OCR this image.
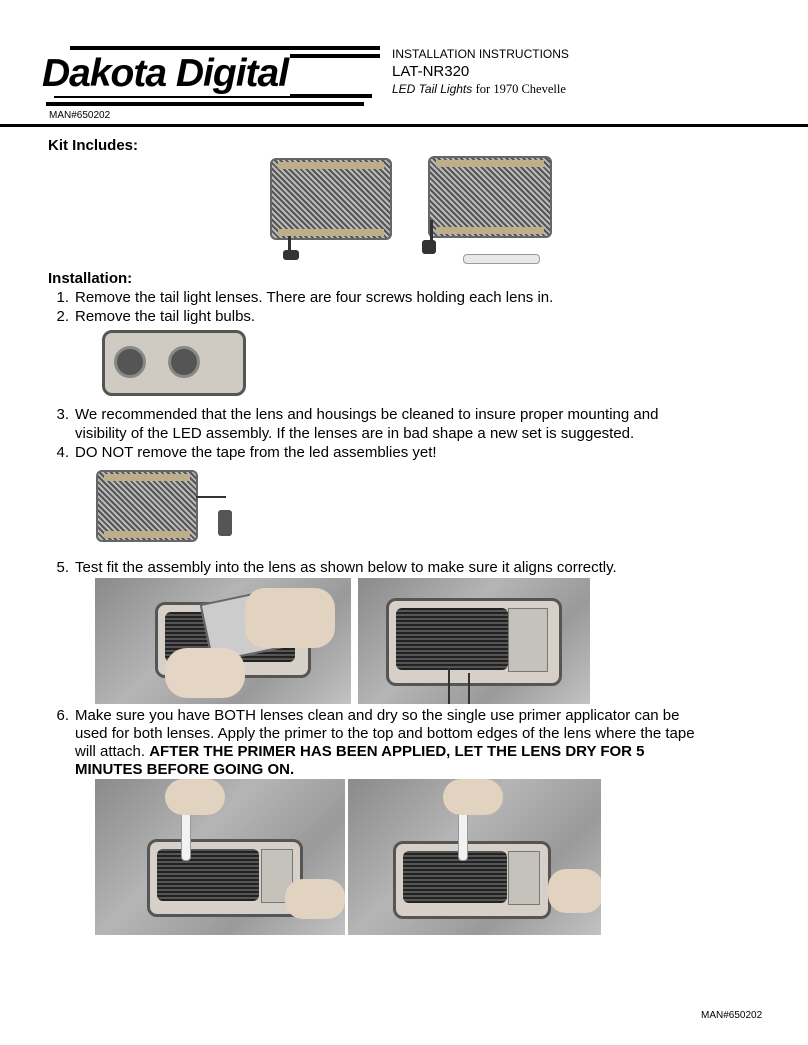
Dakota Digital
MAN#650202
INSTALLATION INSTRUCTIONS
LAT-NR320
LED Tail Lights for 1970 Chevelle
Kit Includes:
Installation:
1. Remove the tail light lenses. There are four screws holding each lens in.
2. Remove the tail light bulbs.
3. We recommended that the lens and housings be cleaned to insure proper mounting and
visibility of the LED assembly. If the lenses are in bad shape a new set is suggested.
4. DO NOT remove the tape from the led assemblies yet!
5. Test fit the assembly into the lens as shown below to make sure it aligns correctly.
6. Make sure you have BOTH lenses clean and dry so the single use primer applicator can be
used for both lenses. Apply the primer to the top and bottom edges of the lens where the tape
will attach. AFTER THE PRIMER HAS BEEN APPLIED, LET THE LENS DRY FOR 5
MINUTES BEFORE GOING ON.
MAN#650202
